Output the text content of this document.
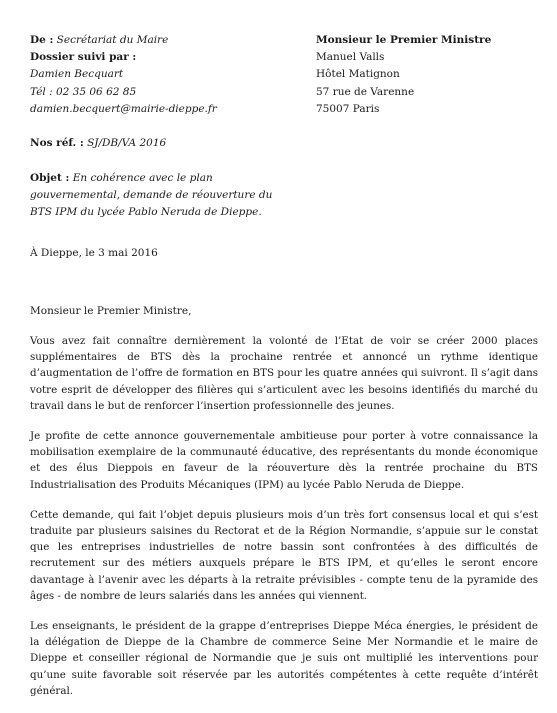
De : Secrétariat du Maire
Dossier suivi par :
Damien Becquart
Tél : 02 35 06 62 85
damien.becquert@mairie-dieppe.fr
Nos réf. : SJ/DB/VA 2016
Objet : En cohérence avec le plan
gouvernemental, demande de réouverture du
BTS IPM du lycée Pablo Neruda de Dieppe.
Monsieur le Premier Ministre
Manuel Valls
Hôtel Matignon
57 rue de Varenne
75007 Paris
À Dieppe, le 3 mai 2016
Monsieur le Premier Ministre,

Vous avez fait connaître dernièrement la volonté de l’Etat de voir se créer 2000 places supplémentaires de BTS dès la prochaine rentrée et annoncé un rythme identique d’augmentation de l’offre de formation en BTS pour les quatre années qui suivront. Il s’agit dans votre esprit de développer des filières qui s’articulent avec les besoins identifiés du marché du travail dans le but de renforcer l’insertion professionnelle des jeunes.

Je profite de cette annonce gouvernementale ambitieuse pour porter à votre connaissance la mobilisation exemplaire de la communauté éducative, des représentants du monde économique et des élus Dieppois en faveur de la réouverture dès la rentrée prochaine du BTS Industrialisation des Produits Mécaniques (IPM) au lycée Pablo Neruda de Dieppe.

Cette demande, qui fait l’objet depuis plusieurs mois d’un très fort consensus local et qui s’est traduite par plusieurs saisines du Rectorat et de la Région Normandie, s’appuie sur le constat que les entreprises industrielles de notre bassin sont confrontées à des difficultés de recrutement sur des métiers auxquels prépare le BTS IPM, et qu’elles le seront encore davantage à l’avenir avec les départs à la retraite prévisibles - compte tenu de la pyramide des âges - de nombre de leurs salariés dans les années qui viennent.

Les enseignants, le président de la grappe d’entreprises Dieppe Méca énergies, le président de la délégation de Dieppe de la Chambre de commerce Seine Mer Normandie et le maire de Dieppe et conseiller régional de Normandie que je suis ont multiplié les interventions pour qu’une suite favorable soit réservée par les autorités compétentes à cette requête d’intérêt général.
